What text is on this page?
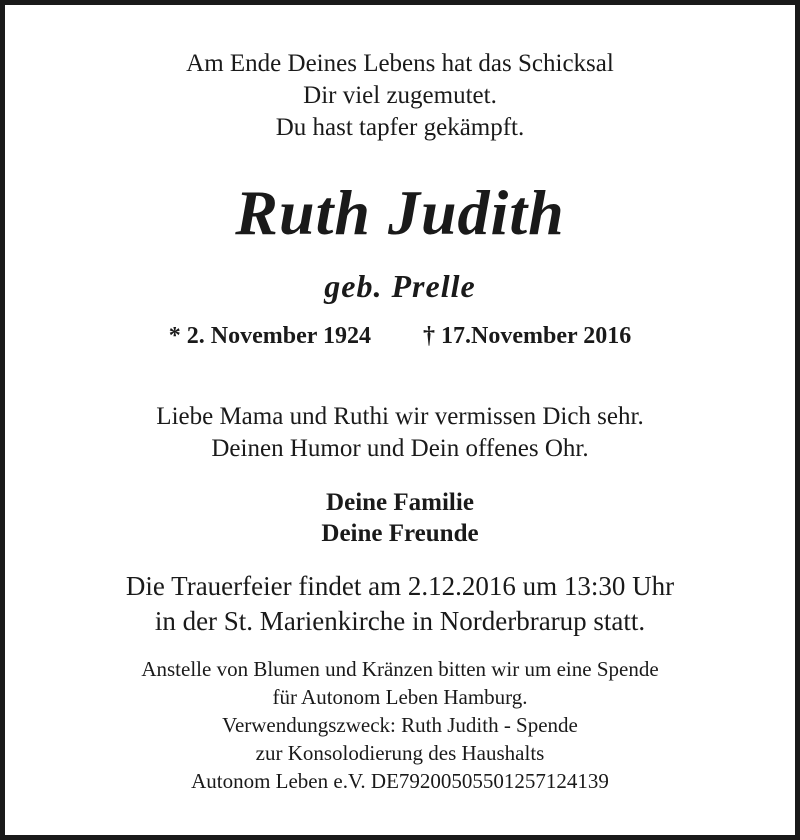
Am Ende Deines Lebens hat das Schicksal
Dir viel zugemutet.
Du hast tapfer gekämpft.
Ruth Judith
geb. Prelle
* 2. November 1924 † 17.November 2016
Liebe Mama und Ruthi wir vermissen Dich sehr.
Deinen Humor und Dein offenes Ohr.
Deine Familie
Deine Freunde
Die Trauerfeier findet am 2.12.2016 um 13:30 Uhr
in der St. Marienkirche in Norderbrarup statt.
Anstelle von Blumen und Kränzen bitten wir um eine Spende
für Autonom Leben Hamburg.
Verwendungszweck: Ruth Judith - Spende
zur Konsolodierung des Haushalts
Autonom Leben e.V. DE79200505501257124139
